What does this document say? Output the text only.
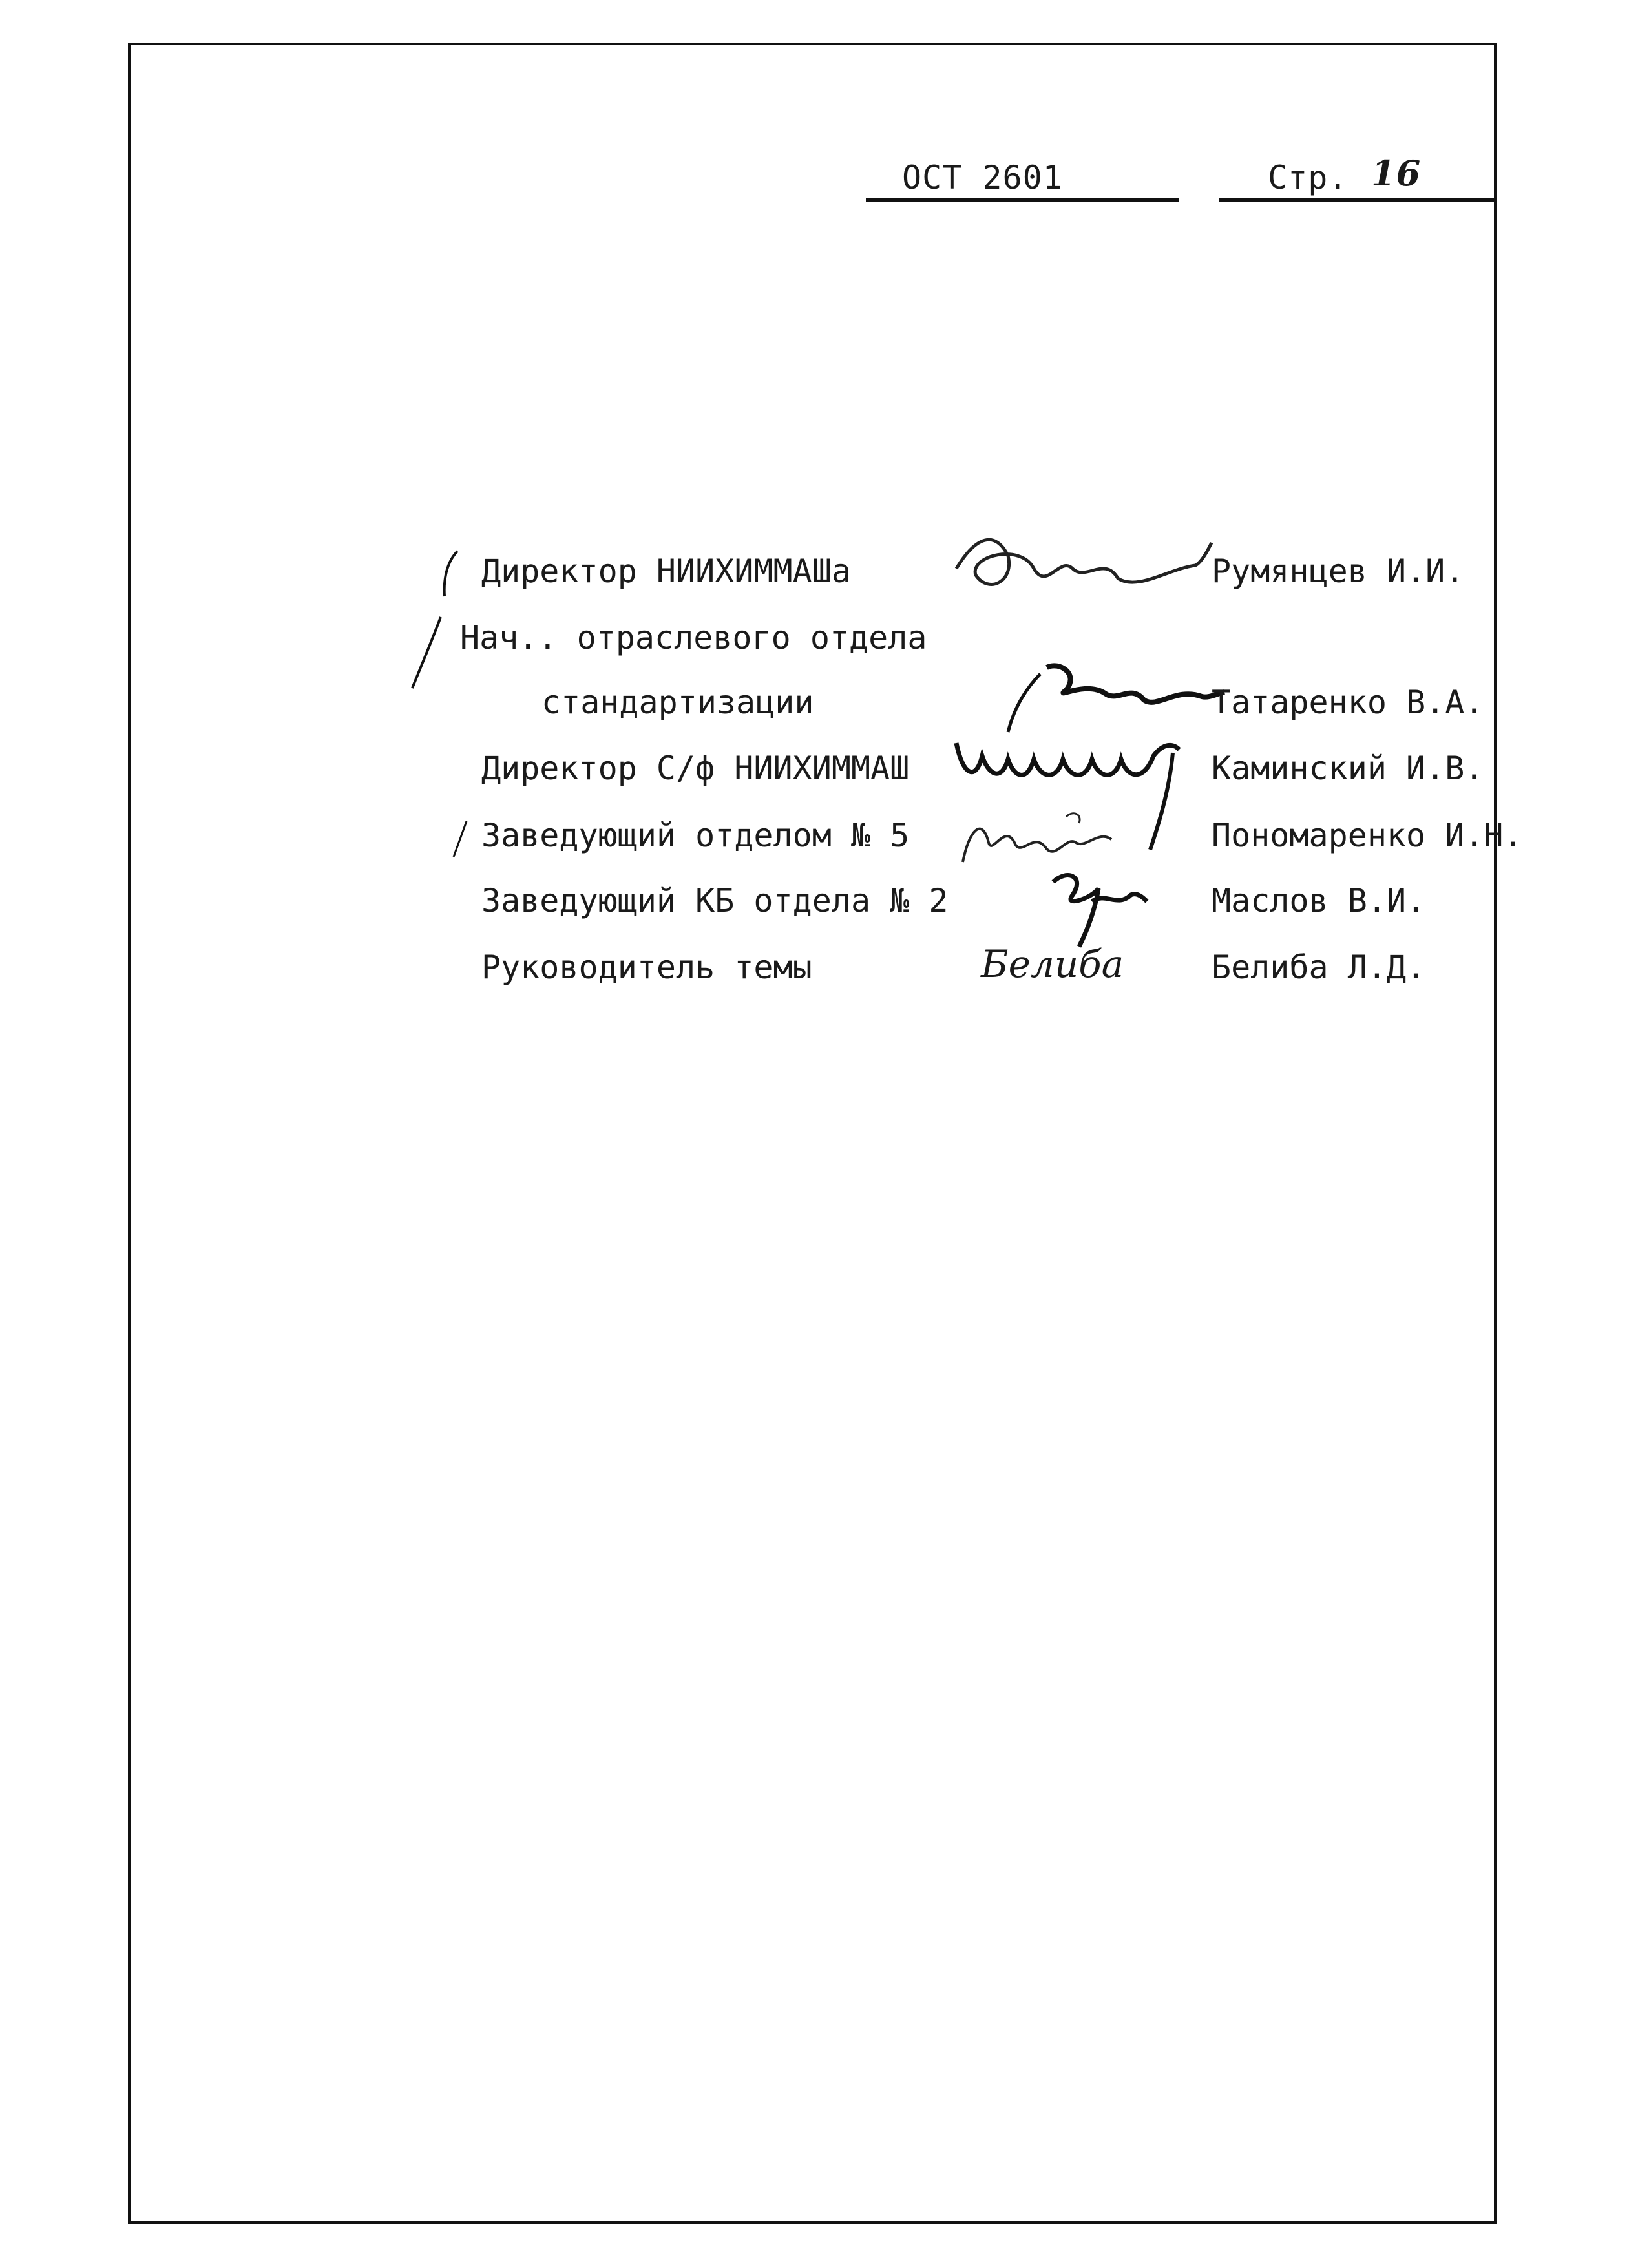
ОСТ 2601	Стр. 16
Директор НИИХИММАШа	Румянцев И.И.
Нач.. отраслевого отдела
стандартизации	Татаренко В.А.
Директор С/ф НИИХИММАШ	Каминский И.В.
Заведующий отделом № 5	Пономаренко И.Н.
Заведующий КБ отдела № 2	Маслов В.И.
Руководитель темы	Белиба	Белиба Л.Д.
